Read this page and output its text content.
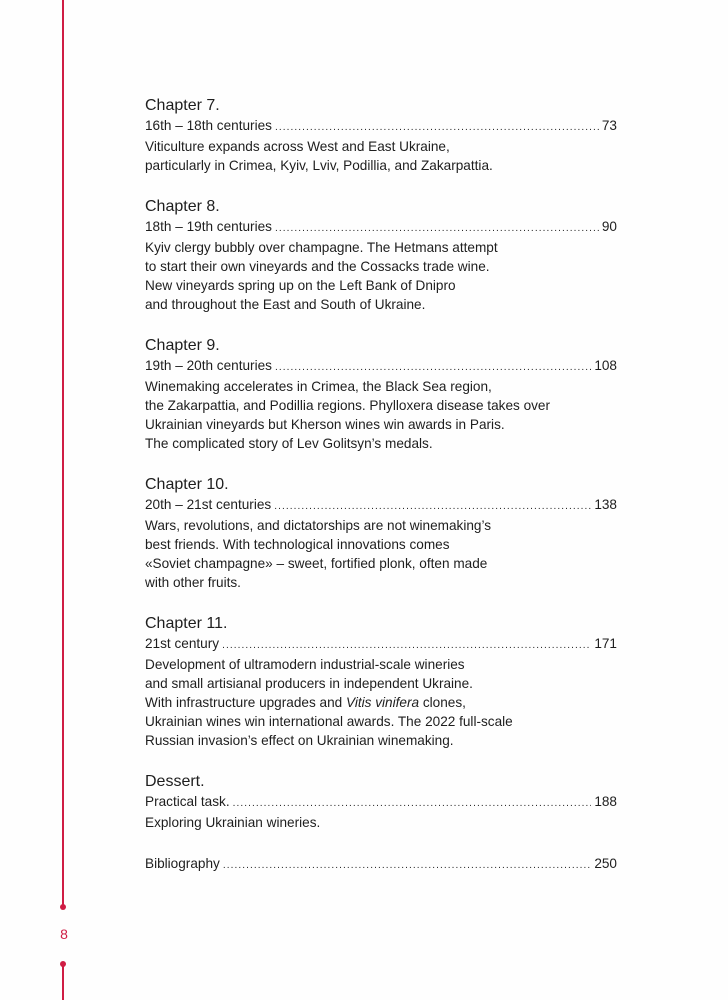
8
Chapter 7.
16th – 18th centuries .....	73

Viticulture expands across West and East Ukraine,

particularly in Crimea, Kyiv, Lviv, Podillia, and Zakarpattia.

Chapter 8.
18th – 19th centuries .....	90

Kyiv clergy bubbly over champagne. The Hetmans attempt

to start their own vineyards and the Cossacks trade wine.

New vineyards spring up on the Left Bank of Dnipro

and throughout the East and South of Ukraine.

Chapter 9.
19th – 20th centuries .....	108

Winemaking accelerates in Crimea, the Black Sea region,

the Zakarpattia, and Podillia regions. Phylloxera disease takes over

Ukrainian vineyards but Kherson wines win awards in Paris.

The complicated story of Lev Golitsyn’s medals.

Chapter 10.
20th – 21st centuries .....	138

Wars, revolutions, and dictatorships are not winemaking’s

best friends. With technological innovations comes

«Soviet champagne» – sweet, fortified plonk, often made

with other fruits.

Chapter 11.
21st century .....	171

Development of ultramodern industrial-scale wineries

and small artisianal producers in independent Ukraine.

With infrastructure upgrades and Vitis vinifera clones,

Ukrainian wines win international awards. The 2022 full-scale

Russian invasion’s effect on Ukrainian winemaking.

Dessert.
Practical task. .....	188

Exploring Ukrainian wineries.

Bibliography .....	250
